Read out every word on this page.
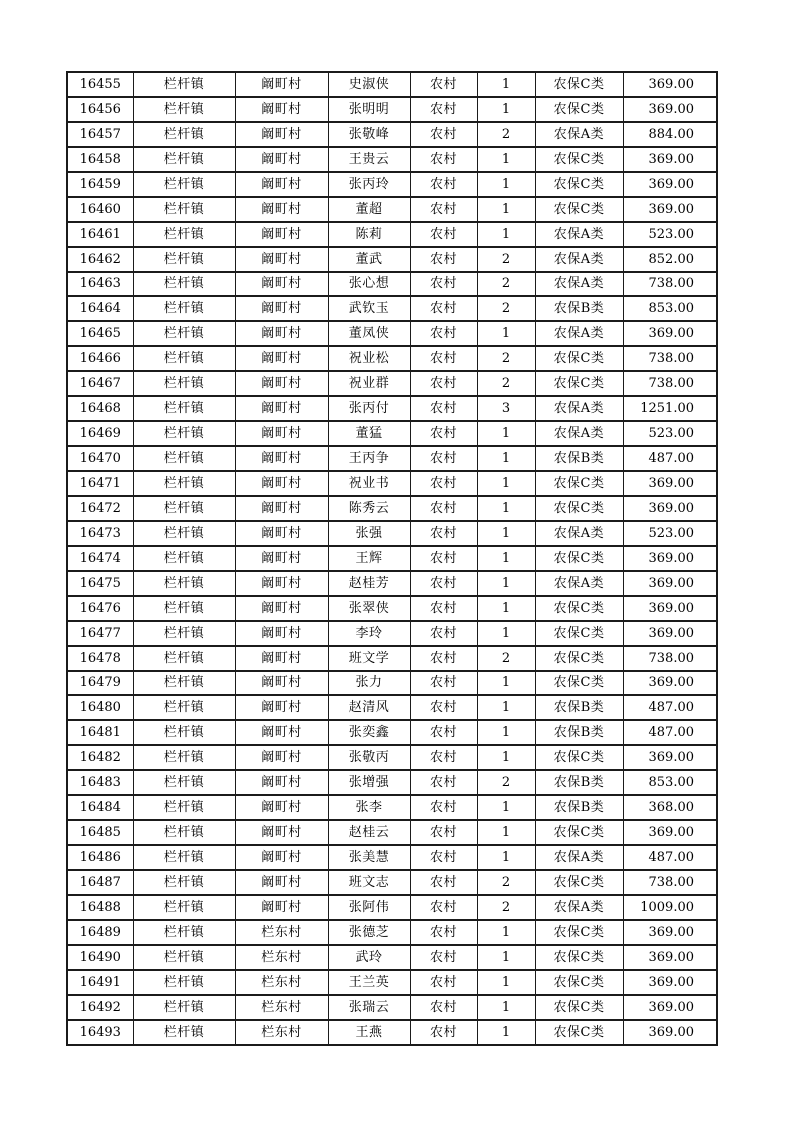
16455	栏杆镇	阚町村	史淑侠	农村	1	农保C类	369.00
16456	栏杆镇	阚町村	张明明	农村	1	农保C类	369.00
16457	栏杆镇	阚町村	张敬峰	农村	2	农保A类	884.00
16458	栏杆镇	阚町村	王贵云	农村	1	农保C类	369.00
16459	栏杆镇	阚町村	张丙玲	农村	1	农保C类	369.00
16460	栏杆镇	阚町村	董超	农村	1	农保C类	369.00
16461	栏杆镇	阚町村	陈莉	农村	1	农保A类	523.00
16462	栏杆镇	阚町村	董武	农村	2	农保A类	852.00
16463	栏杆镇	阚町村	张心想	农村	2	农保A类	738.00
16464	栏杆镇	阚町村	武钦玉	农村	2	农保B类	853.00
16465	栏杆镇	阚町村	董凤侠	农村	1	农保A类	369.00
16466	栏杆镇	阚町村	祝业松	农村	2	农保C类	738.00
16467	栏杆镇	阚町村	祝业群	农村	2	农保C类	738.00
16468	栏杆镇	阚町村	张丙付	农村	3	农保A类	1251.00
16469	栏杆镇	阚町村	董猛	农村	1	农保A类	523.00
16470	栏杆镇	阚町村	王丙争	农村	1	农保B类	487.00
16471	栏杆镇	阚町村	祝业书	农村	1	农保C类	369.00
16472	栏杆镇	阚町村	陈秀云	农村	1	农保C类	369.00
16473	栏杆镇	阚町村	张强	农村	1	农保A类	523.00
16474	栏杆镇	阚町村	王辉	农村	1	农保C类	369.00
16475	栏杆镇	阚町村	赵桂芳	农村	1	农保A类	369.00
16476	栏杆镇	阚町村	张翠侠	农村	1	农保C类	369.00
16477	栏杆镇	阚町村	李玲	农村	1	农保C类	369.00
16478	栏杆镇	阚町村	班文学	农村	2	农保C类	738.00
16479	栏杆镇	阚町村	张力	农村	1	农保C类	369.00
16480	栏杆镇	阚町村	赵清风	农村	1	农保B类	487.00
16481	栏杆镇	阚町村	张奕鑫	农村	1	农保B类	487.00
16482	栏杆镇	阚町村	张敬丙	农村	1	农保C类	369.00
16483	栏杆镇	阚町村	张增强	农村	2	农保B类	853.00
16484	栏杆镇	阚町村	张李	农村	1	农保B类	368.00
16485	栏杆镇	阚町村	赵桂云	农村	1	农保C类	369.00
16486	栏杆镇	阚町村	张美慧	农村	1	农保A类	487.00
16487	栏杆镇	阚町村	班文志	农村	2	农保C类	738.00
16488	栏杆镇	阚町村	张阿伟	农村	2	农保A类	1009.00
16489	栏杆镇	栏东村	张德芝	农村	1	农保C类	369.00
16490	栏杆镇	栏东村	武玲	农村	1	农保C类	369.00
16491	栏杆镇	栏东村	王兰英	农村	1	农保C类	369.00
16492	栏杆镇	栏东村	张瑞云	农村	1	农保C类	369.00
16493	栏杆镇	栏东村	王燕	农村	1	农保C类	369.00
